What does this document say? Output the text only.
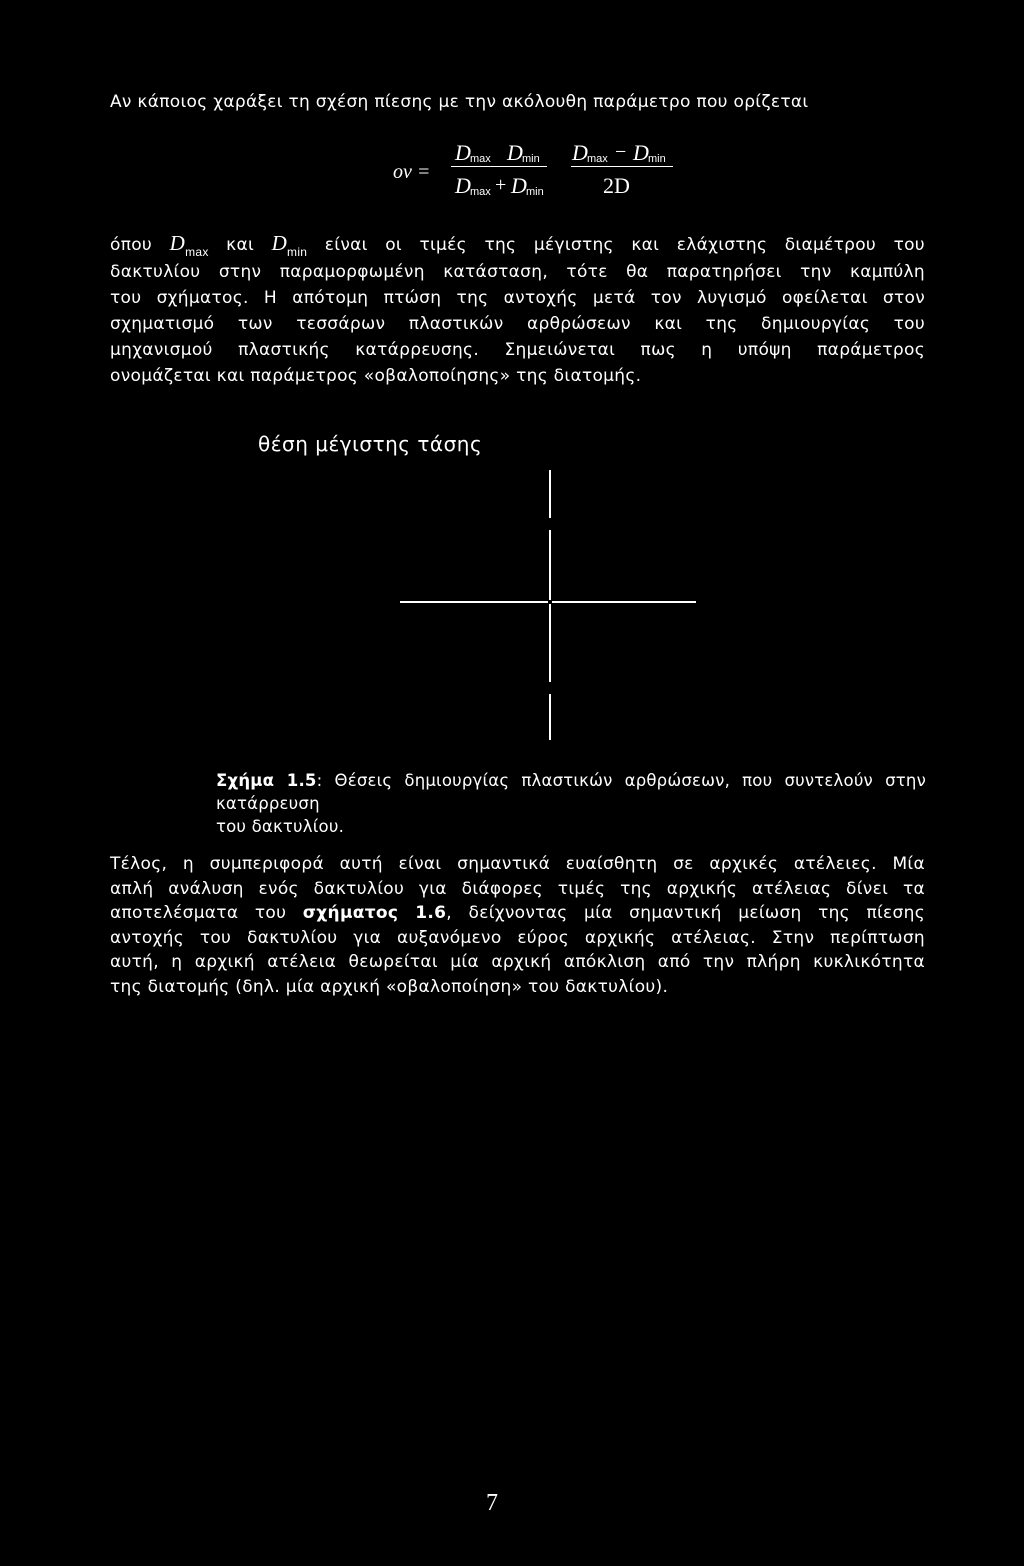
Αν κάποιος χαράξει τη σχέση πίεσης με την ακόλουθη παράμετρο που ορίζεται

ov =
D max D min
D max + D min
D max − D min
2D
όπου $D_{max}$ και $D_{min}$ είναι οι τιμές της μέγιστης και ελάχιστης διαμέτρου του
δακτυλίου στην παραμορφωμένη κατάσταση, τότε θα παρατηρήσει την καμπύλη
του σχήματος. Η απότομη πτώση της αντοχής μετά τον λυγισμό οφείλεται στον
σχηματισμό των τεσσάρων πλαστικών αρθρώσεων και της δημιουργίας του
μηχανισμού πλαστικής κατάρρευσης. Σημειώνεται πως η υπόψη παράμετρος
ονομάζεται και παράμετρος «οβαλοποίησης» της διατομής.
θέση μέγιστης τάσης
Σχήμα 1.5: Θέσεις δημιουργίας πλαστικών αρθρώσεων, που συντελούν στην κατάρρευση
του δακτυλίου.
Τέλος, η συμπεριφορά αυτή είναι σημαντικά ευαίσθητη σε αρχικές ατέλειες. Μία
απλή ανάλυση ενός δακτυλίου για διάφορες τιμές της αρχικής ατέλειας δίνει τα
αποτελέσματα του σχήματος 1.6, δείχνοντας μία σημαντική μείωση της πίεσης
αντοχής του δακτυλίου για αυξανόμενο εύρος αρχικής ατέλειας. Στην περίπτωση
αυτή, η αρχική ατέλεια θεωρείται μία αρχική απόκλιση από την πλήρη κυκλικότητα
της διατομής (δηλ. μία αρχική «οβαλοποίηση» του δακτυλίου).
7
